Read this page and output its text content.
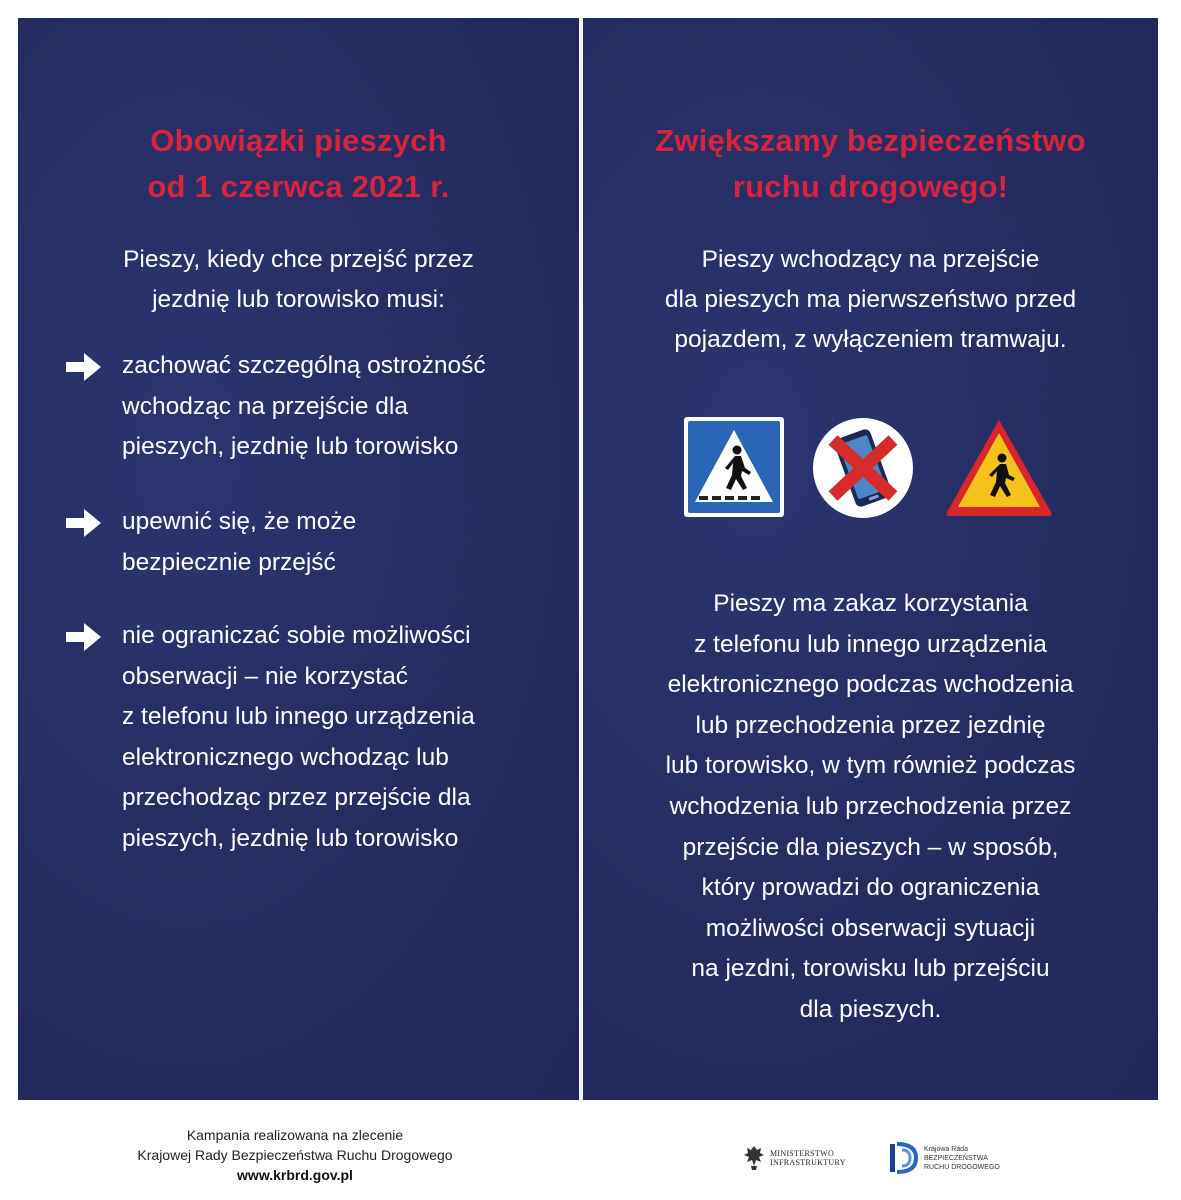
Obowiązki pieszych
od 1 czerwca 2021 r.
Pieszy, kiedy chce przejść przez
jezdnię lub torowisko musi:
zachować szczególną ostrożność
wchodząc na przejście dla
pieszych, jezdnię lub torowisko
upewnić się, że może
bezpiecznie przejść
nie ograniczać sobie możliwości
obserwacji – nie korzystać
z telefonu lub innego urządzenia
elektronicznego wchodząc lub
przechodząc przez przejście dla
pieszych, jezdnię lub torowisko
Zwiększamy bezpieczeństwo
ruchu drogowego!
Pieszy wchodzący na przejście
dla pieszych ma pierwszeństwo przed
pojazdem, z wyłączeniem tramwaju.
Pieszy ma zakaz korzystania
z telefonu lub innego urządzenia
elektronicznego podczas wchodzenia
lub przechodzenia przez jezdnię
lub torowisko, w tym również podczas
wchodzenia lub przechodzenia przez
przejście dla pieszych – w sposób,
który prowadzi do ograniczenia
możliwości obserwacji sytuacji
na jezdni, torowisku lub przejściu
dla pieszych.
Kampania realizowana na zlecenie
Krajowej Rady Bezpieczeństwa Ruchu Drogowego
www.krbrd.gov.pl
MINISTERSTWO
INFRASTRUKTURY
Krajowa Rada
BEZPIECZEŃSTWA
RUCHU DROGOWEGO
